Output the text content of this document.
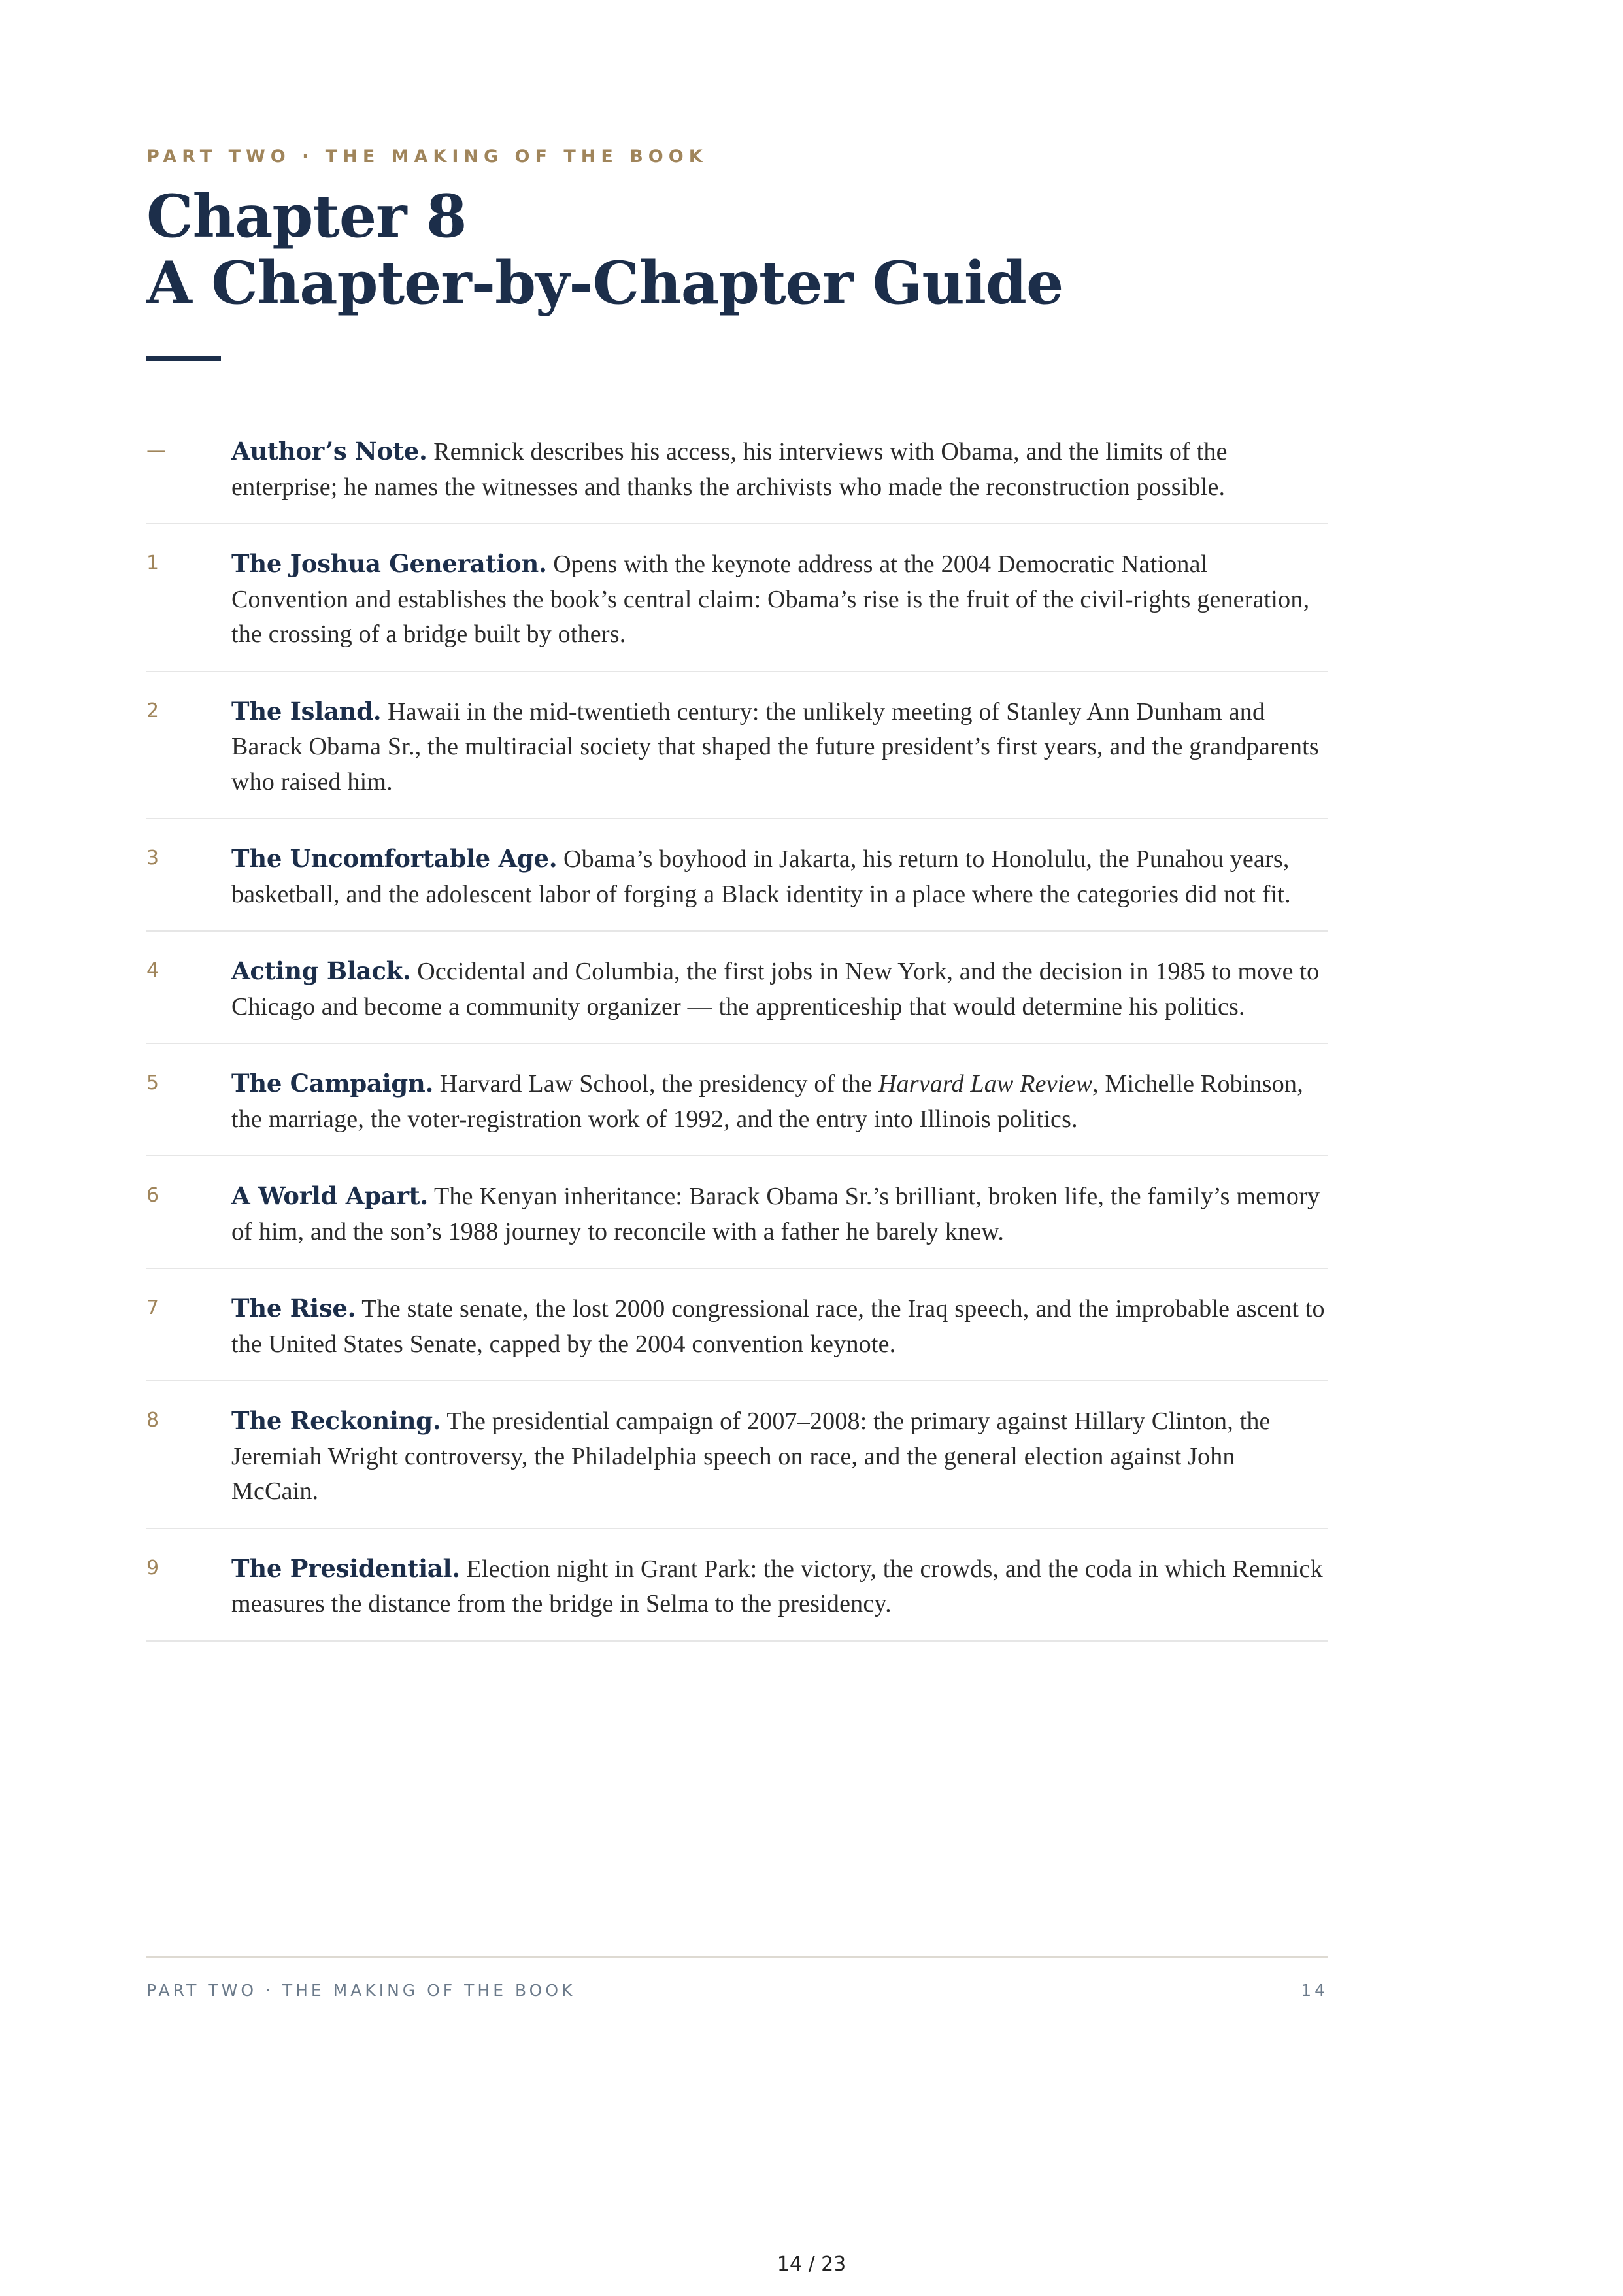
PART TWO · THE MAKING OF THE BOOK
Chapter 8
A Chapter-by-Chapter Guide
—	Author’s Note. Remnick describes his access, his interviews with Obama, and the limits of the enterprise; he names the witnesses and thanks the archivists who made the reconstruction possible.
1	The Joshua Generation. Opens with the keynote address at the 2004 Democratic National Convention and establishes the book’s central claim: Obama’s rise is the fruit of the civil-rights generation, the crossing of a bridge built by others.
2	The Island. Hawaii in the mid-twentieth century: the unlikely meeting of Stanley Ann Dunham and Barack Obama Sr., the multiracial society that shaped the future president’s first years, and the grandparents who raised him.
3	The Uncomfortable Age. Obama’s boyhood in Jakarta, his return to Honolulu, the Punahou years, basketball, and the adolescent labor of forging a Black identity in a place where the categories did not fit.
4	Acting Black. Occidental and Columbia, the first jobs in New York, and the decision in 1985 to move to Chicago and become a community organizer — the apprenticeship that would determine his politics.
5	The Campaign. Harvard Law School, the presidency of the Harvard Law Review, Michelle Robinson, the marriage, the voter-registration work of 1992, and the entry into Illinois politics.
6	A World Apart. The Kenyan inheritance: Barack Obama Sr.’s brilliant, broken life, the family’s memory of him, and the son’s 1988 journey to reconcile with a father he barely knew.
7	The Rise. The state senate, the lost 2000 congressional race, the Iraq speech, and the improbable ascent to the United States Senate, capped by the 2004 convention keynote.
8	The Reckoning. The presidential campaign of 2007–2008: the primary against Hillary Clinton, the Jeremiah Wright controversy, the Philadelphia speech on race, and the general election against John McCain.
9	The Presidential. Election night in Grant Park: the victory, the crowds, and the coda in which Remnick measures the distance from the bridge in Selma to the presidency.
PART TWO · THE MAKING OF THE BOOK	14
14 / 23
